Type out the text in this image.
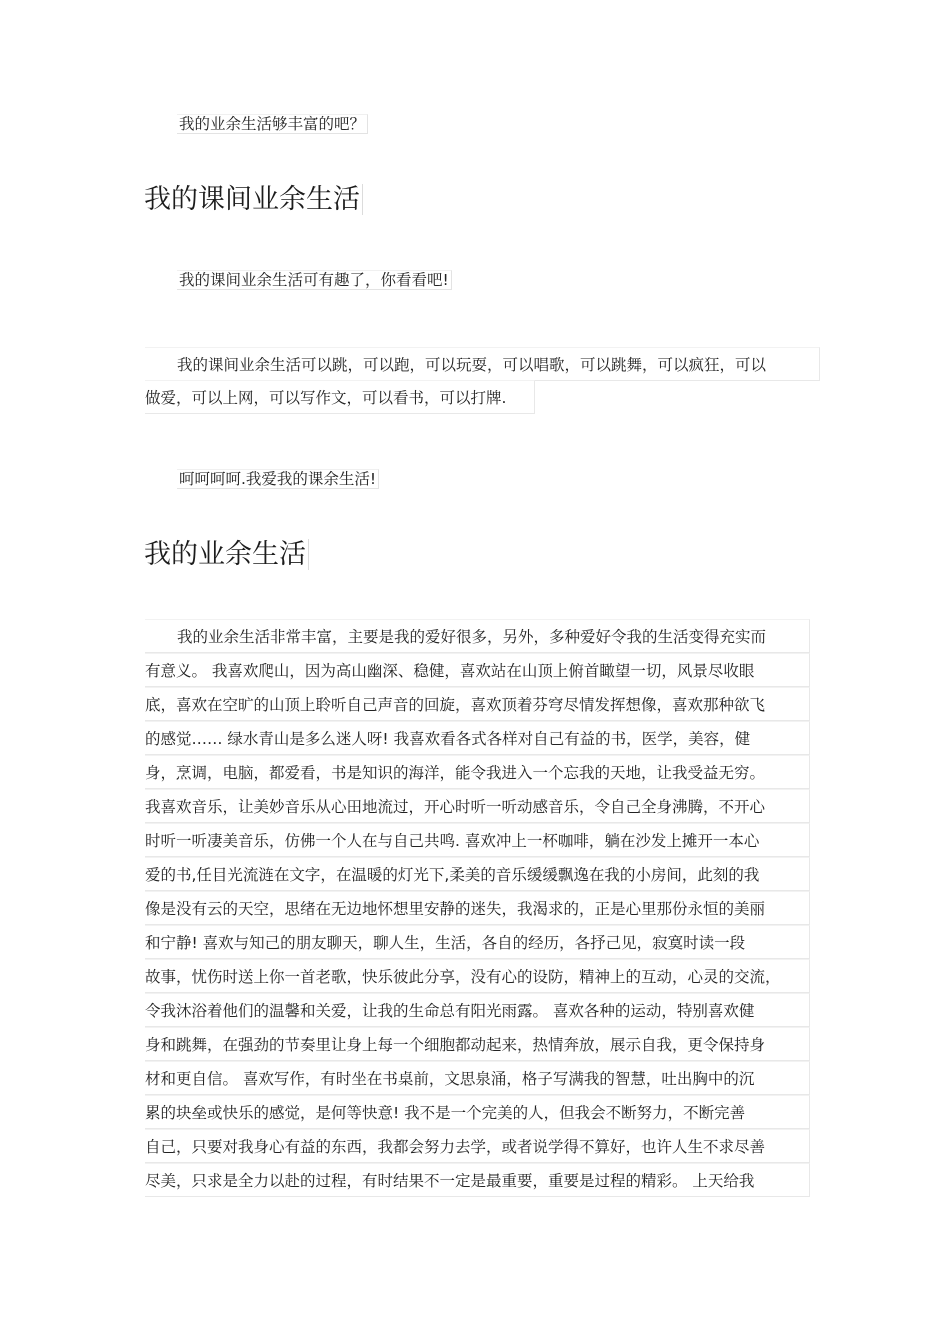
我的业余生活够丰富的吧？
我的课间业余生活
我的课间业余生活可有趣了，你看看吧!
我的课间业余生活可以跳，可以跑，可以玩耍，可以唱歌，可以跳舞，可以疯狂，可以
做爱，可以上网，可以写作文，可以看书，可以打牌.
呵呵呵呵.我爱我的课余生活!
我的业余生活
我的业余生活非常丰富，主要是我的爱好很多，另外，多种爱好令我的生活变得充实而
有意义。 我喜欢爬山，因为高山幽深、稳健，喜欢站在山顶上俯首瞰望一切，风景尽收眼
底，喜欢在空旷的山顶上聆听自己声音的回旋，喜欢顶着芬穹尽情发挥想像，喜欢那种欲飞
的感觉…… 绿水青山是多么迷人呀! 我喜欢看各式各样对自己有益的书，医学，美容，健
身，烹调，电脑，都爱看，书是知识的海洋，能令我进入一个忘我的天地，让我受益无穷。
我喜欢音乐，让美妙音乐从心田地流过，开心时听一听动感音乐，令自己全身沸腾，不开心
时听一听凄美音乐，仿佛一个人在与自己共鸣. 喜欢冲上一杯咖啡，躺在沙发上摊开一本心
爱的书,任目光流涟在文字，在温暖的灯光下,柔美的音乐缓缓飘逸在我的小房间，此刻的我
像是没有云的天空，思绪在无边地怀想里安静的迷失，我渴求的，正是心里那份永恒的美丽
和宁静! 喜欢与知己的朋友聊天，聊人生，生活，各自的经历，各抒己见，寂寞时读一段
故事，忧伤时送上你一首老歌，快乐彼此分享，没有心的设防，精神上的互动，心灵的交流，
令我沐浴着他们的温馨和关爱，让我的生命总有阳光雨露。 喜欢各种的运动，特别喜欢健
身和跳舞，在强劲的节奏里让身上每一个细胞都动起来，热情奔放，展示自我，更令保持身
材和更自信。 喜欢写作，有时坐在书桌前，文思泉涌，格子写满我的智慧，吐出胸中的沉
累的块垒或快乐的感觉，是何等快意! 我不是一个完美的人，但我会不断努力，不断完善
自己，只要对我身心有益的东西，我都会努力去学，或者说学得不算好，也许人生不求尽善
尽美，只求是全力以赴的过程，有时结果不一定是最重要，重要是过程的精彩。 上天给我
